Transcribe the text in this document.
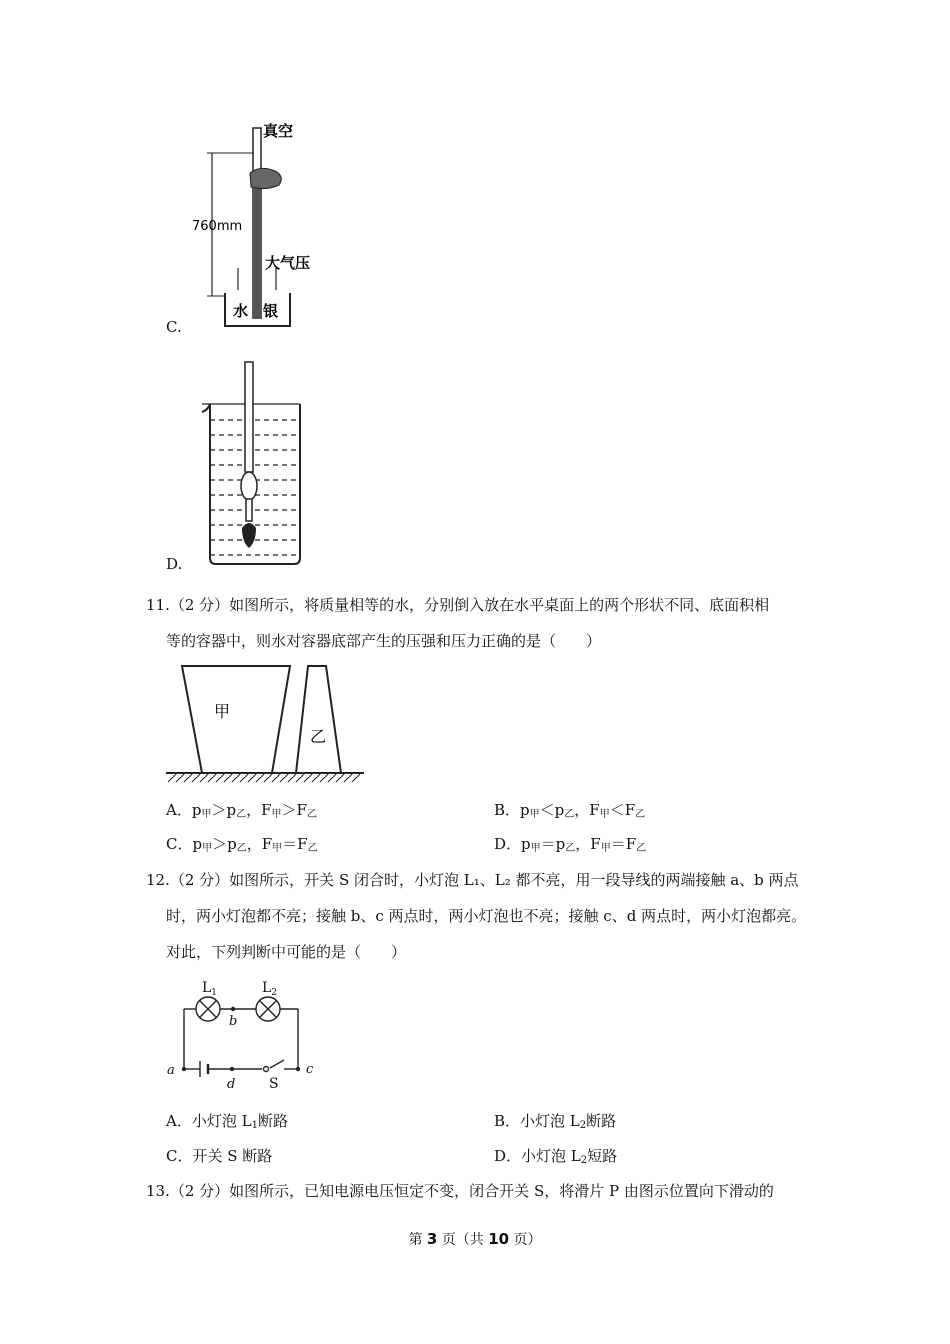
真空
760mm
大气压
水 银
C.
D.
11.（2 分）如图所示，将质量相等的水，分别倒入放在水平桌面上的两个形状不同、底面积相
等的容器中，则水对容器底部产生的压强和压力正确的是（　　）
甲
乙
A．$p_甲>p_乙$，$F_甲>F_乙$	B．$p_甲<p_乙$，$F_甲<F_乙$
C．$p_甲>p_乙$，$F_甲=F_乙$	D．$p_甲=p_乙$，$F_甲=F_乙$
12.（2 分）如图所示，开关 S 闭合时，小灯泡 L₁、L₂ 都不亮，用一段导线的两端接触 a、b 两点
时，两小灯泡都不亮；接触 b、c 两点时，两小灯泡也不亮；接触 c、d 两点时，两小灯泡都亮。
对此，下列判断中可能的是（　　）
$L_1$	$L_2$
b
a	c
d S
A．小灯泡 $L_1$断路	B．小灯泡 $L_2$断路
C．开关 S 断路	D．小灯泡 $L_2$短路
13.（2 分）如图所示，已知电源电压恒定不变，闭合开关 S，将滑片 P 由图示位置向下滑动的
第 3 页（共 10 页）
